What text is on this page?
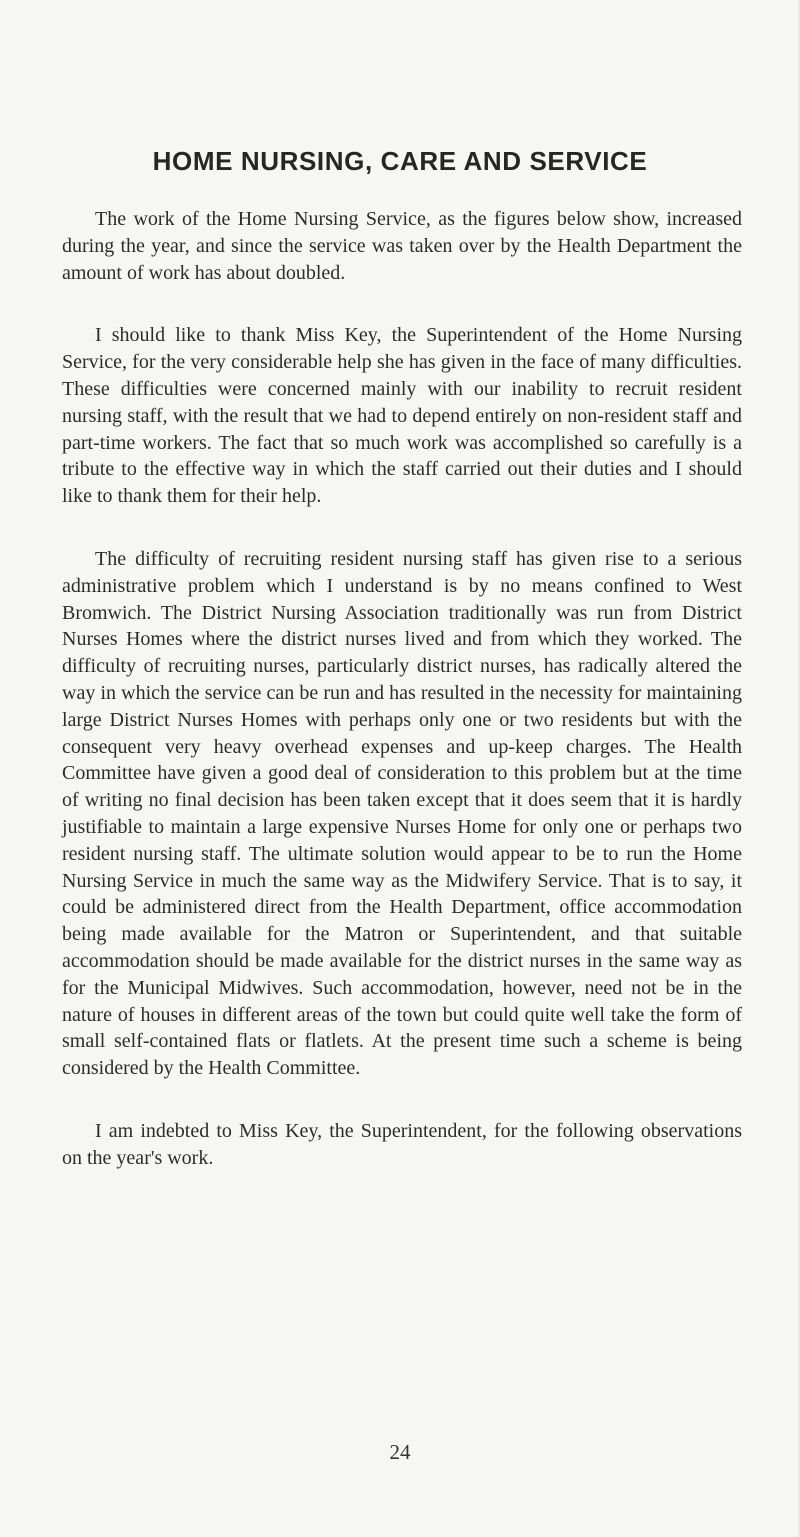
HOME NURSING, CARE AND SERVICE

The work of the Home Nursing Service, as the figures below show, increased during the year, and since the service was taken over by the Health Department the amount of work has about doubled.

I should like to thank Miss Key, the Superintendent of the Home Nursing Service, for the very considerable help she has given in the face of many difficulties. These difficulties were concerned mainly with our inability to recruit resident nursing staff, with the result that we had to depend entirely on non-resident staff and part-time workers. The fact that so much work was accomplished so carefully is a tribute to the effective way in which the staff carried out their duties and I should like to thank them for their help.

The difficulty of recruiting resident nursing staff has given rise to a serious administrative problem which I understand is by no means confined to West Bromwich. The District Nursing Association traditionally was run from District Nurses Homes where the district nurses lived and from which they worked. The difficulty of recruiting nurses, particularly district nurses, has radically altered the way in which the service can be run and has resulted in the necessity for maintaining large District Nurses Homes with perhaps only one or two residents but with the consequent very heavy overhead expenses and up-keep charges. The Health Committee have given a good deal of consideration to this problem but at the time of writing no final decision has been taken except that it does seem that it is hardly justifiable to maintain a large expensive Nurses Home for only one or perhaps two resident nursing staff. The ultimate solution would appear to be to run the Home Nursing Service in much the same way as the Midwifery Service. That is to say, it could be administered direct from the Health Department, office accommodation being made available for the Matron or Superintendent, and that suitable accommodation should be made available for the district nurses in the same way as for the Municipal Midwives. Such accommodation, however, need not be in the nature of houses in different areas of the town but could quite well take the form of small self-contained flats or flatlets. At the present time such a scheme is being considered by the Health Committee.

I am indebted to Miss Key, the Superintendent, for the following observations on the year's work.

24
